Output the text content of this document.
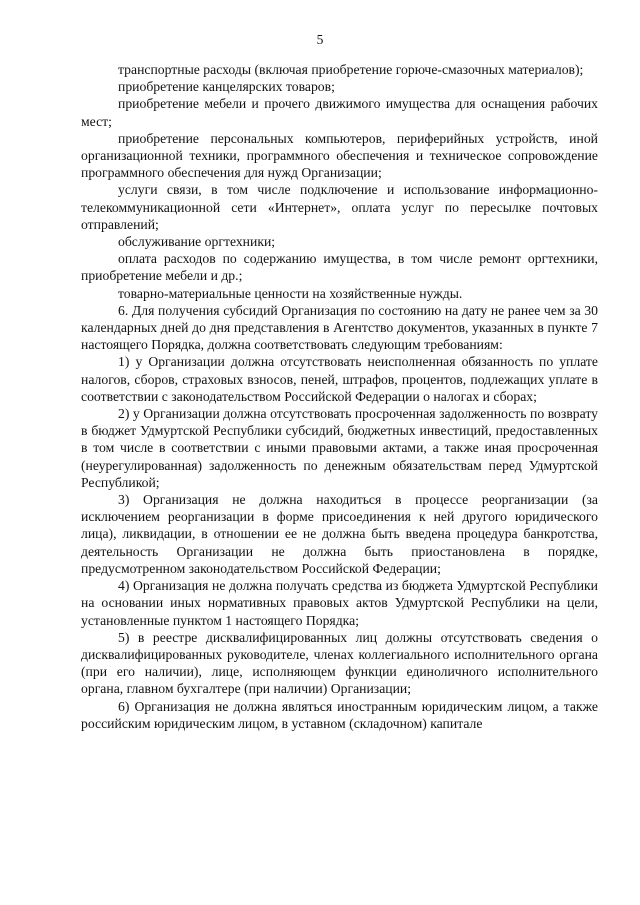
5

транспортные расходы (включая приобретение горюче-смазочных материалов);

приобретение канцелярских товаров;

приобретение мебели и прочего движимого имущества для оснащения рабочих мест;

приобретение персональных компьютеров, периферийных устройств, иной организационной техники, программного обеспечения и техническое сопровождение программного обеспечения для нужд Организации;

услуги связи, в том числе подключение и использование информационно-телекоммуникационной сети «Интернет», оплата услуг по пересылке почтовых отправлений;

обслуживание оргтехники;

оплата расходов по содержанию имущества, в том числе ремонт оргтехники, приобретение мебели и др.;

товарно-материальные ценности на хозяйственные нужды.

6. Для получения субсидий Организация по состоянию на дату не ранее чем за 30 календарных дней до дня представления в Агентство документов, указанных в пункте 7 настоящего Порядка, должна соответствовать следующим требованиям:

1) у Организации должна отсутствовать неисполненная обязанность по уплате налогов, сборов, страховых взносов, пеней, штрафов, процентов, подлежащих уплате в соответствии с законодательством Российской Федерации о налогах и сборах;

2) у Организации должна отсутствовать просроченная задолженность по возврату в бюджет Удмуртской Республики субсидий, бюджетных инвестиций, предоставленных в том числе в соответствии с иными правовыми актами, а также иная просроченная (неурегулированная) задолженность по денежным обязательствам перед Удмуртской Республикой;

3) Организация не должна находиться в процессе реорганизации (за исключением реорганизации в форме присоединения к ней другого юридического лица), ликвидации, в отношении ее не должна быть введена процедура банкротства, деятельность Организации не должна быть приостановлена в порядке, предусмотренном законодательством Российской Федерации;

4) Организация не должна получать средства из бюджета Удмуртской Республики на основании иных нормативных правовых актов Удмуртской Республики на цели, установленные пунктом 1 настоящего Порядка;

5) в реестре дисквалифицированных лиц должны отсутствовать сведения о дисквалифицированных руководителе, членах коллегиального исполнительного органа (при его наличии), лице, исполняющем функции единоличного исполнительного органа, главном бухгалтере (при наличии) Организации;

6) Организация не должна являться иностранным юридическим лицом, а также российским юридическим лицом, в уставном (складочном) капитале
